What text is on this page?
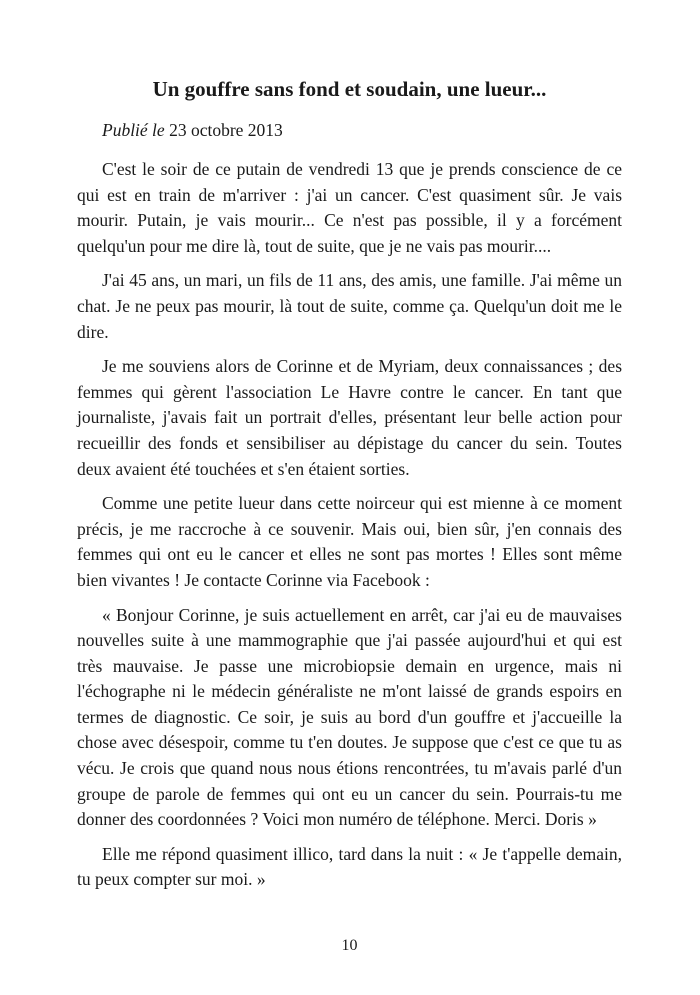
Un gouffre sans fond et soudain, une lueur...

Publié le 23 octobre 2013

C'est le soir de ce putain de vendredi 13 que je prends conscience de ce qui est en train de m'arriver : j'ai un cancer. C'est quasiment sûr. Je vais mourir. Putain, je vais mourir... Ce n'est pas possible, il y a forcément quelqu'un pour me dire là, tout de suite, que je ne vais pas mourir....

J'ai 45 ans, un mari, un fils de 11 ans, des amis, une famille. J'ai même un chat. Je ne peux pas mourir, là tout de suite, comme ça. Quelqu'un doit me le dire.

Je me souviens alors de Corinne et de Myriam, deux connaissances ; des femmes qui gèrent l'association Le Havre contre le cancer. En tant que journaliste, j'avais fait un portrait d'elles, présentant leur belle action pour recueillir des fonds et sensibiliser au dépistage du cancer du sein. Toutes deux avaient été touchées et s'en étaient sorties.

Comme une petite lueur dans cette noirceur qui est mienne à ce moment précis, je me raccroche à ce souvenir. Mais oui, bien sûr, j'en connais des femmes qui ont eu le cancer et elles ne sont pas mortes ! Elles sont même bien vivantes ! Je contacte Corinne via Facebook :

« Bonjour Corinne, je suis actuellement en arrêt, car j'ai eu de mauvaises nouvelles suite à une mammographie que j'ai passée aujourd'hui et qui est très mauvaise. Je passe une microbiopsie demain en urgence, mais ni l'échographe ni le médecin généraliste ne m'ont laissé de grands espoirs en termes de diagnostic. Ce soir, je suis au bord d'un gouffre et j'accueille la chose avec désespoir, comme tu t'en doutes. Je suppose que c'est ce que tu as vécu. Je crois que quand nous nous étions rencontrées, tu m'avais parlé d'un groupe de parole de femmes qui ont eu un cancer du sein. Pourrais-tu me donner des coordonnées ? Voici mon numéro de téléphone. Merci. Doris »

Elle me répond quasiment illico, tard dans la nuit : « Je t'appelle demain, tu peux compter sur moi. »

10
